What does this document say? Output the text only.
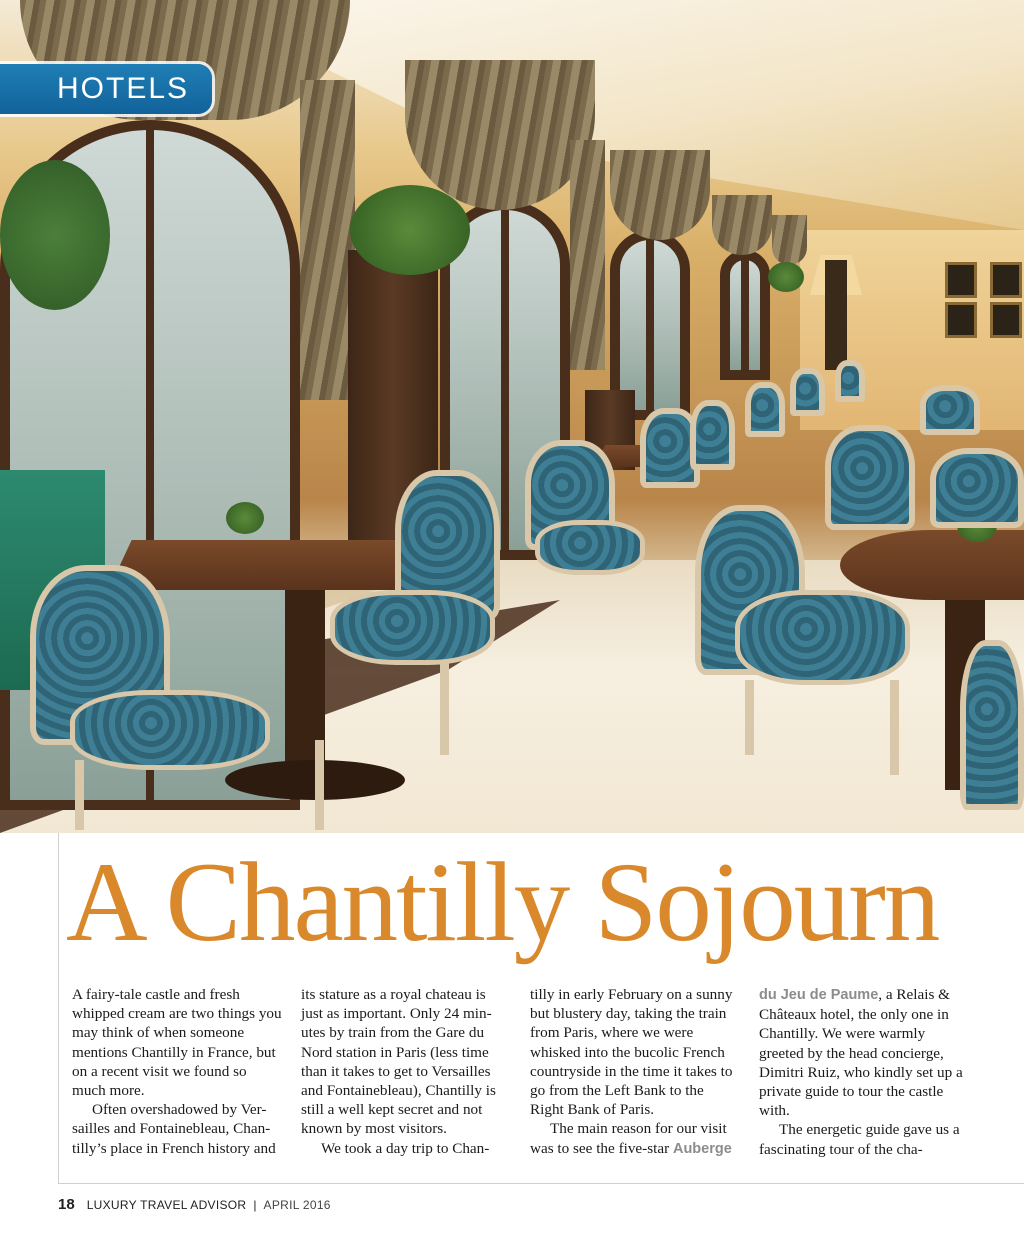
HOTELS
A Chantilly Sojourn

A fairy-tale castle and fresh whipped cream are two things you may think of when someone mentions Chantilly in France, but on a recent visit we found so much more.

Often overshadowed by Ver-sailles and Fontainebleau, Chan-tilly’s place in French history and

its stature as a royal chateau is just as important. Only 24 min-utes by train from the Gare du Nord station in Paris (less time than it takes to get to Versailles and Fontainebleau), Chantilly is still a well kept secret and not known by most visitors.

We took a day trip to Chan-

tilly in early February on a sunny but blustery day, taking the train from Paris, where we were whisked into the bucolic French countryside in the time it takes to go from the Left Bank to the Right Bank of Paris.

The main reason for our visit was to see the five-star Auberge

du Jeu de Paume, a Relais & Châteaux hotel, the only one in Chantilly. We were warmly greeted by the head concierge, Dimitri Ruiz, who kindly set up a private guide to tour the castle with.

The energetic guide gave us a fascinating tour of the cha-

18 LUXURY TRAVEL ADVISOR | APRIL 2016
